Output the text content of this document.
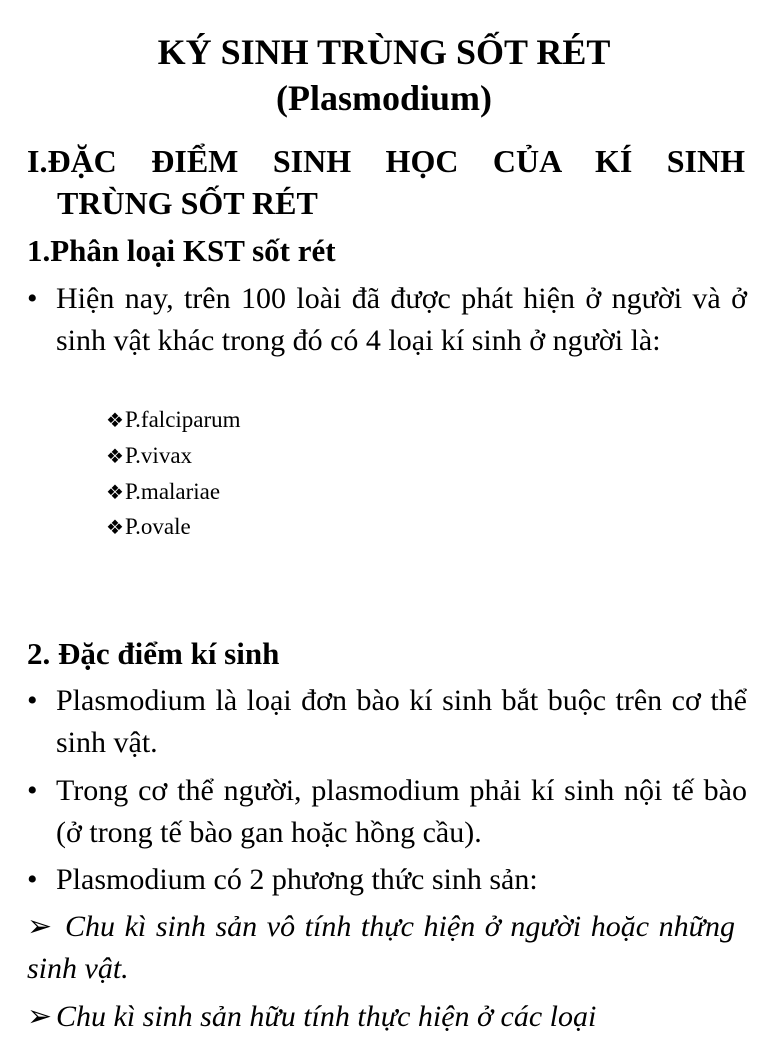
KÝ SINH TRÙNG SỐT RÉT
(Plasmodium)
I.ĐẶC ĐIỂM SINH HỌC CỦA KÍ SINH
TRÙNG SỐT RÉT
1.Phân loại KST sốt rét
• Hiện nay, trên 100 loài đã được phát hiện ở người và ở sinh vật khác trong đó có 4 loại kí sinh ở người là:
❖P.falciparum
❖P.vivax
❖P.malariae
❖P.ovale
2. Đặc điểm kí sinh
• Plasmodium là loại đơn bào kí sinh bắt buộc trên cơ thể sinh vật.
• Trong cơ thể người, plasmodium phải kí sinh nội tế bào (ở trong tế bào gan hoặc hồng cầu).
• Plasmodium có 2 phương thức sinh sản:
➢ Chu kì sinh sản vô tính thực hiện ở người hoặc những sinh vật.
➢ Chu kì sinh sản hữu tính thực hiện ở các loại
